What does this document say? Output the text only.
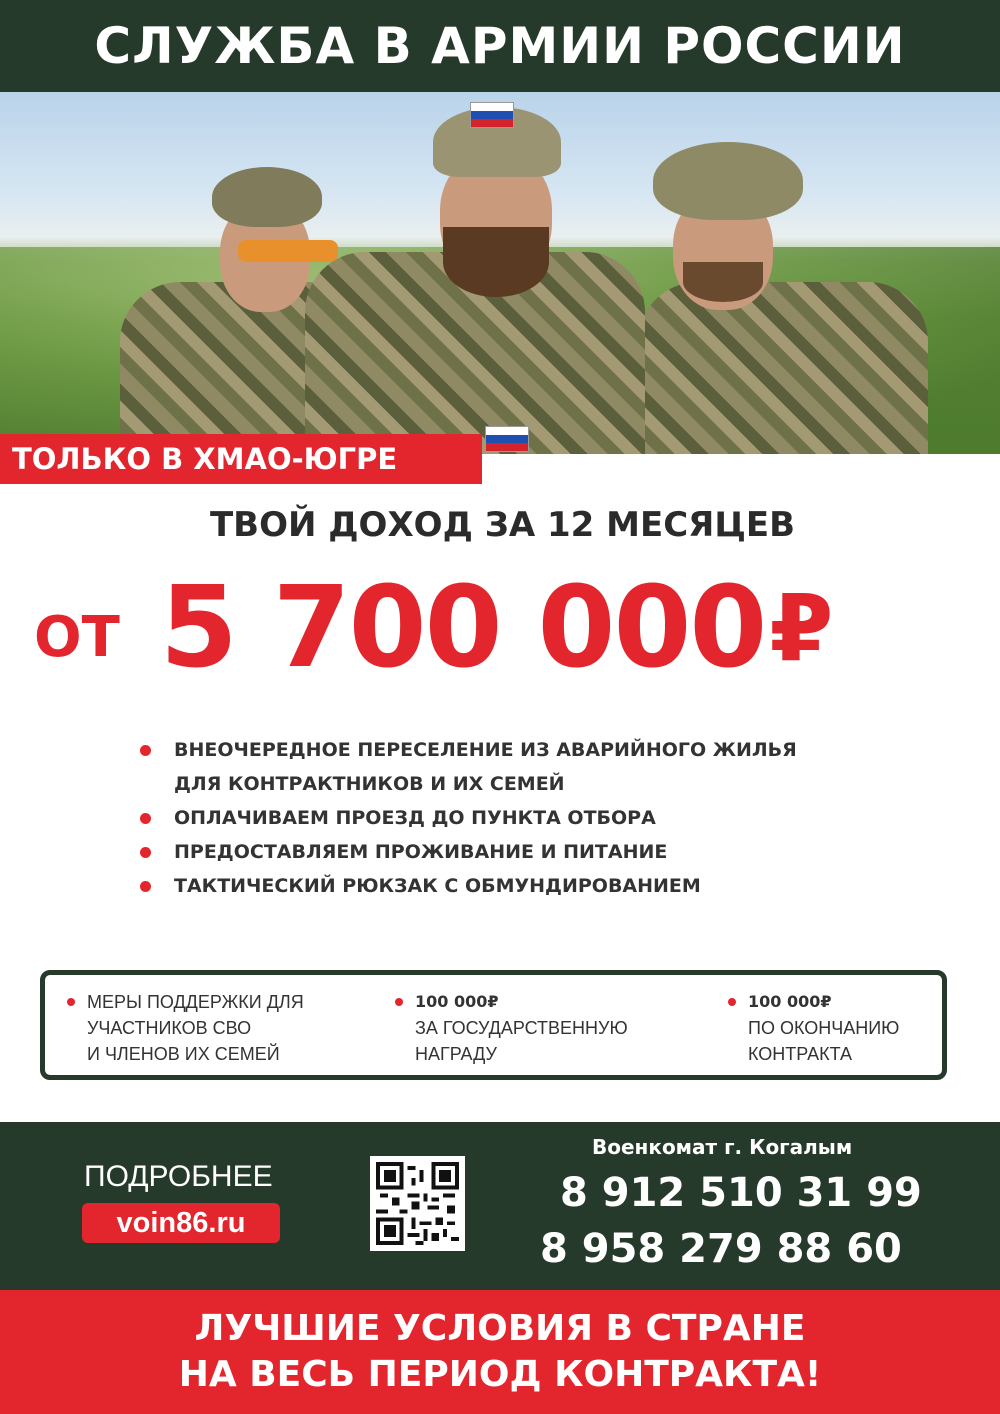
СЛУЖБА В АРМИИ РОССИИ
ТОЛЬКО В ХМАО-ЮГРЕ
ТВОЙ ДОХОД ЗА 12 МЕСЯЦЕВ
ОТ 5 700 000 ₽
ВНЕОЧЕРЕДНОЕ ПЕРЕСЕЛЕНИЕ ИЗ АВАРИЙНОГО ЖИЛЬЯ
ДЛЯ КОНТРАКТНИКОВ И ИХ СЕМЕЙ
ОПЛАЧИВАЕМ ПРОЕЗД ДО ПУНКТА ОТБОРА
ПРЕДОСТАВЛЯЕМ ПРОЖИВАНИЕ И ПИТАНИЕ
ТАКТИЧЕСКИЙ РЮКЗАК С ОБМУНДИРОВАНИЕМ
МЕРЫ ПОДДЕРЖКИ ДЛЯ
УЧАСТНИКОВ СВО
И ЧЛЕНОВ ИХ СЕМЕЙ
100 000₽
ЗА ГОСУДАРСТВЕННУЮ
НАГРАДУ
100 000₽
ПО ОКОНЧАНИЮ
КОНТРАКТА
ПОДРОБНЕЕ
voin86.ru
Военкомат г. Когалым
8 912 510 31 99
8 958 279 88 60
ЛУЧШИЕ УСЛОВИЯ В СТРАНЕ
НА ВЕСЬ ПЕРИОД КОНТРАКТА!
